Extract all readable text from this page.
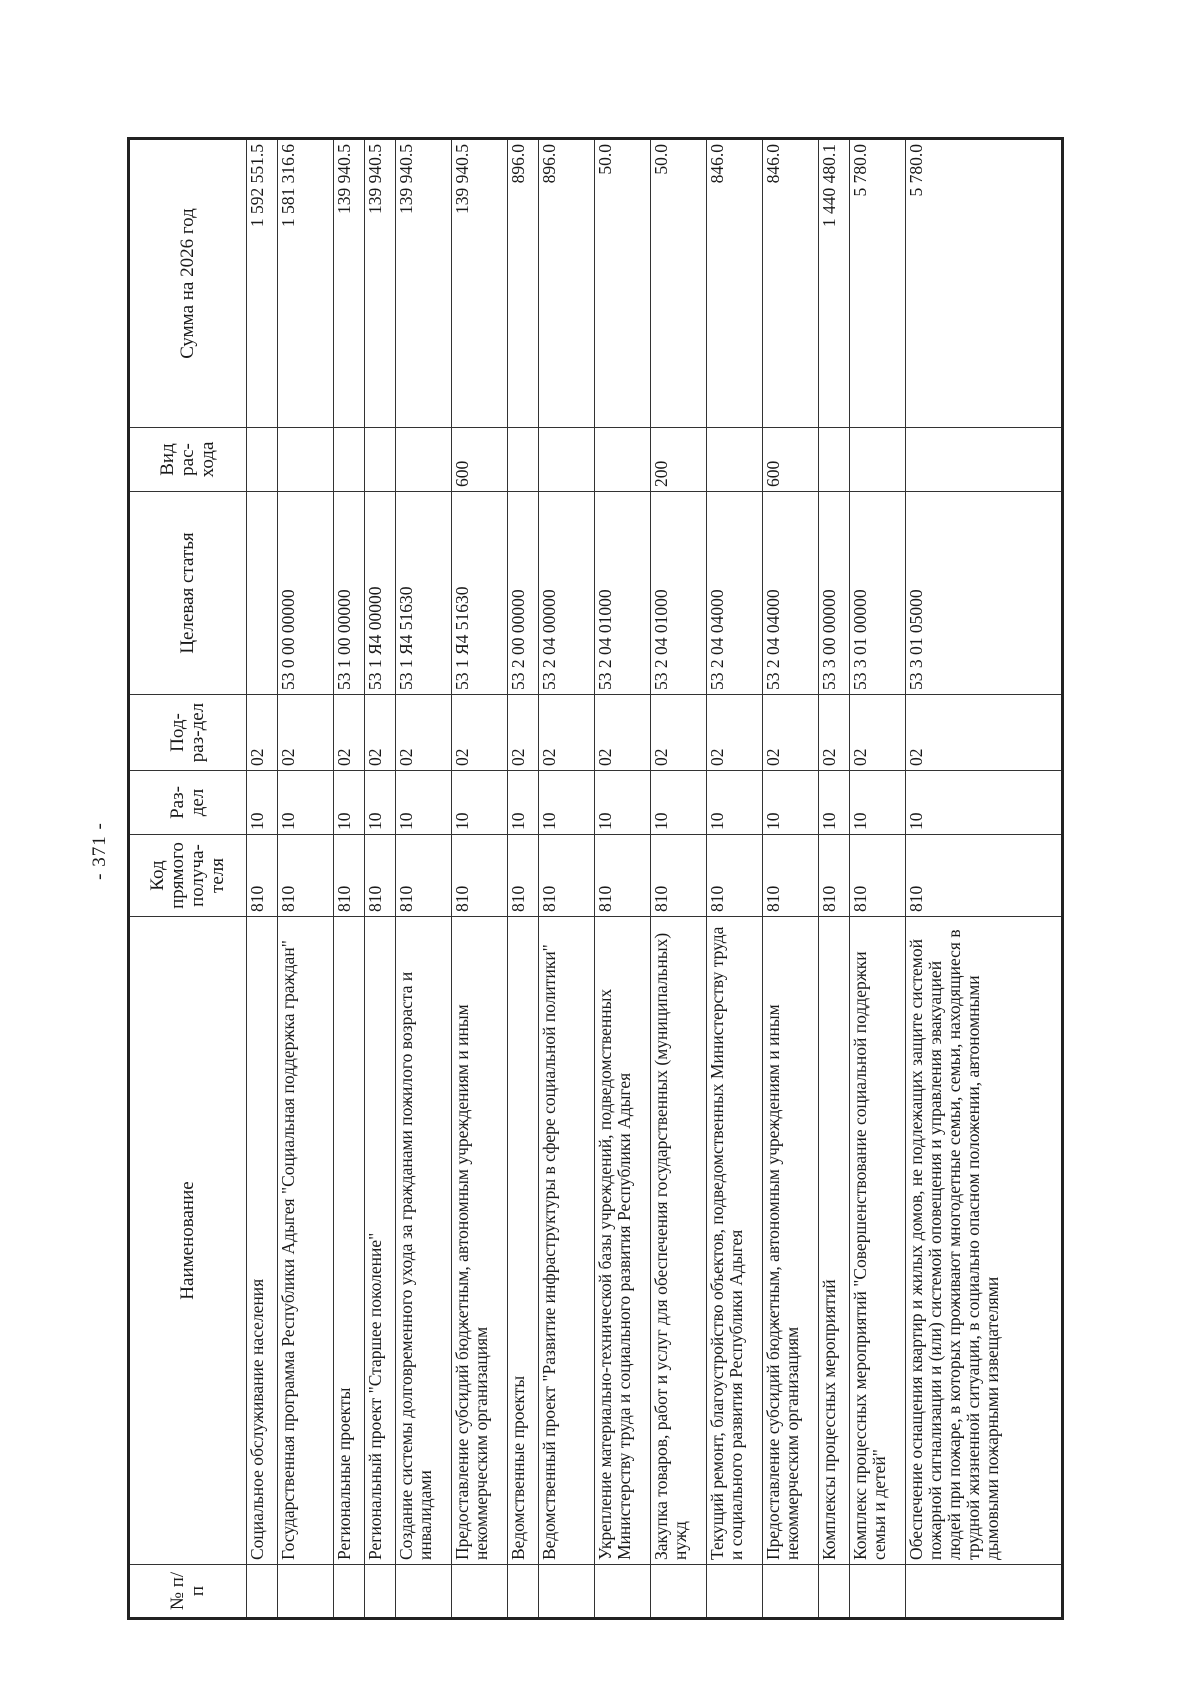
- 371 -
№ п/п	Наименование	Код прямого получа-теля	Раз-дел	Под-раз-дел	Целевая статья	Вид рас-хода	Сумма на 2026 год
	Социальное обслуживание населения	810	10	02			1 592 551.5
	Государственная программа Республики Адыгея "Социальная поддержка граждан"	810	10	02	53 0 00 00000		1 581 316.6
	Региональные проекты	810	10	02	53 1 00 00000		139 940.5
	Региональный проект "Старшее поколение"	810	10	02	53 1 Я4 00000		139 940.5
	Создание системы долговременного ухода за гражданами пожилого возраста и инвалидами	810	10	02	53 1 Я4 51630		139 940.5
	Предоставление субсидий бюджетным, автономным учреждениям и иным некоммерческим организациям	810	10	02	53 1 Я4 51630	600	139 940.5
	Ведомственные проекты	810	10	02	53 2 00 00000		896.0
	Ведомственный проект "Развитие инфраструктуры в сфере социальной политики"	810	10	02	53 2 04 00000		896.0
	Укрепление материально-технической базы учреждений, подведомственных Министерству труда и социального развития Республики Адыгея	810	10	02	53 2 04 01000		50.0
	Закупка товаров, работ и услуг для обеспечения государственных (муниципальных) нужд	810	10	02	53 2 04 01000	200	50.0
	Текущий ремонт, благоустройство объектов, подведомственных Министерству труда и социального развития Республики Адыгея	810	10	02	53 2 04 04000		846.0
	Предоставление субсидий бюджетным, автономным учреждениям и иным некоммерческим организациям	810	10	02	53 2 04 04000	600	846.0
	Комплексы процессных мероприятий	810	10	02	53 3 00 00000		1 440 480.1
	Комплекс процессных мероприятий "Совершенствование социальной поддержки семьи и детей"	810	10	02	53 3 01 00000		5 780.0
	Обеспечение оснащения квартир и жилых домов, не подлежащих защите системой пожарной сигнализации и (или) системой оповещения и управления эвакуацией людей при пожаре, в которых проживают многодетные семьи, семьи, находящиеся в трудной жизненной ситуации, в социально опасном положении, автономными дымовыми пожарными извещателями	810	10	02	53 3 01 05000		5 780.0
